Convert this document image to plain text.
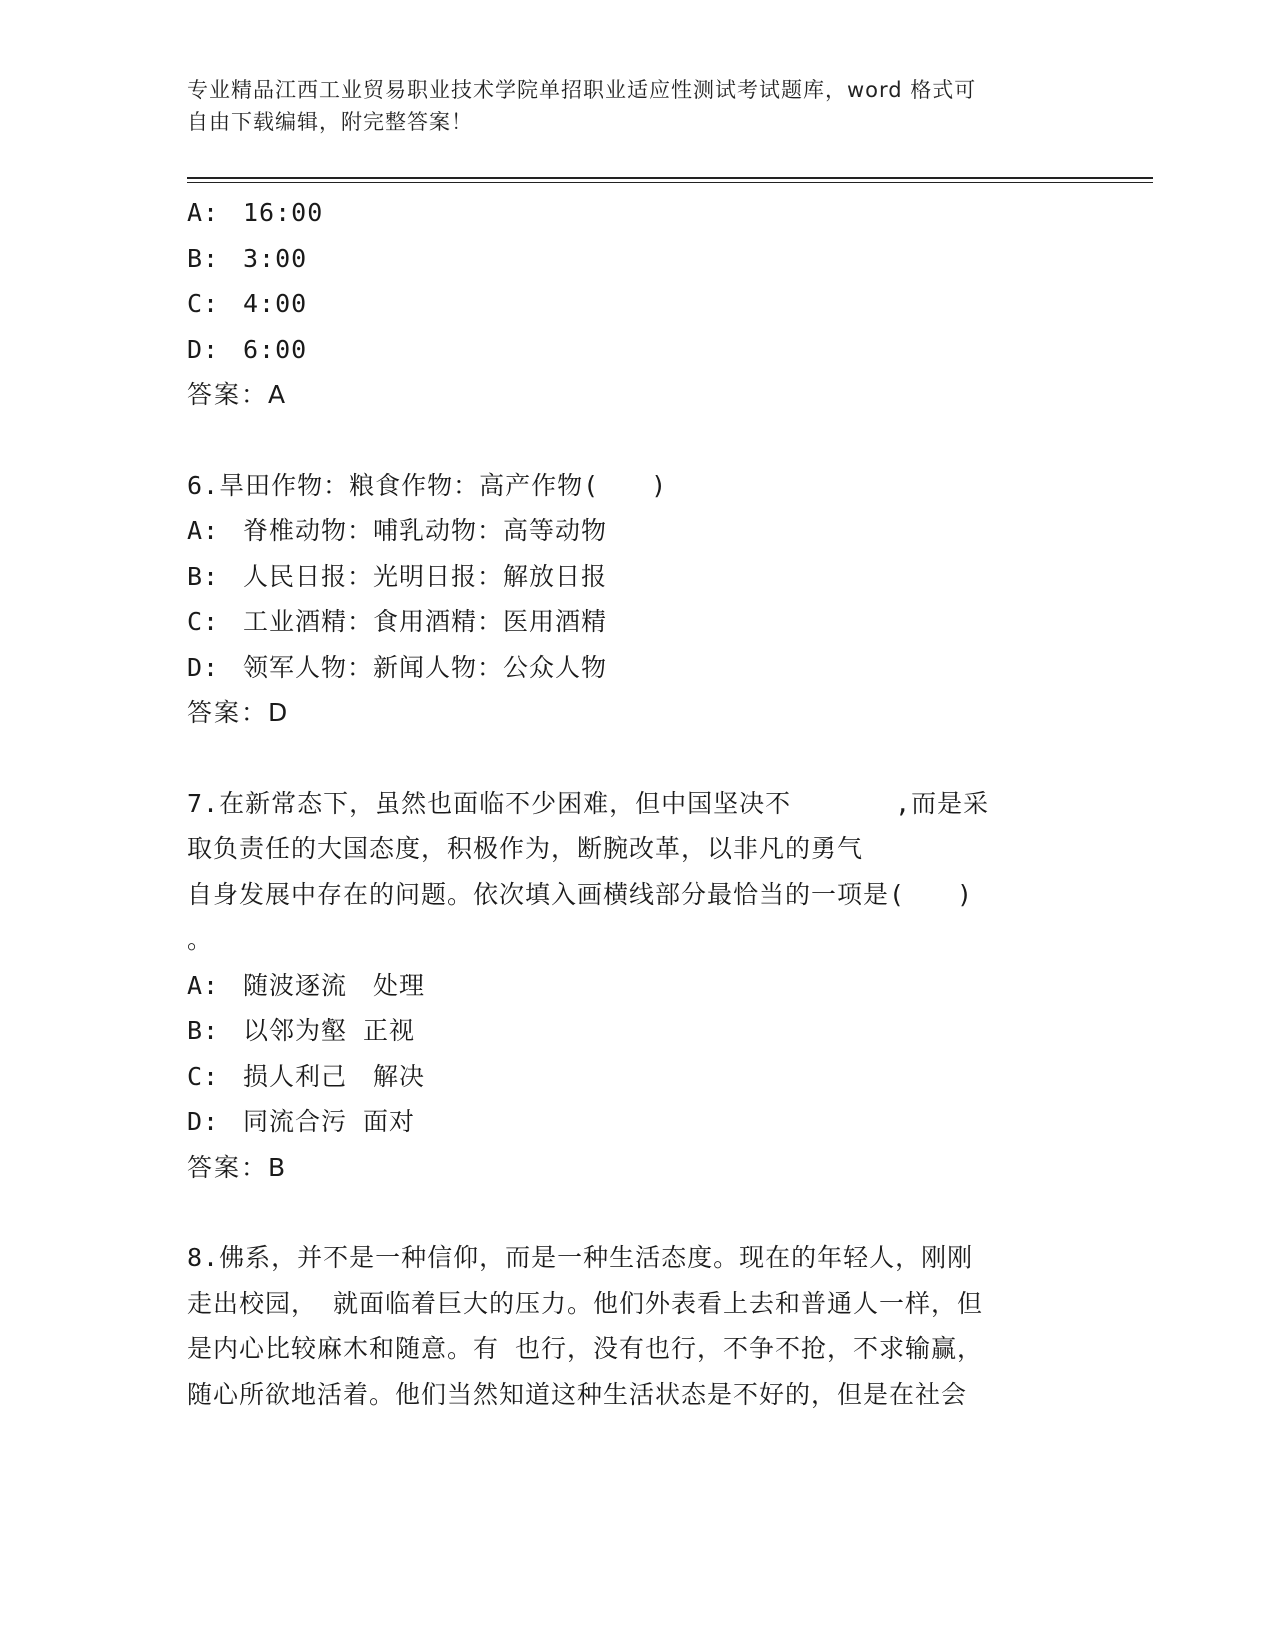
专业精品江西工业贸易职业技术学院单招职业适应性测试考试题库，word 格式可
自由下载编辑，附完整答案！
A: 16:00
B: 3:00
C: 4:00
D: 6:00
答案：A
6.旱田作物：粮食作物：高产作物(　　)
A: 脊椎动物：哺乳动物：高等动物
B: 人民日报：光明日报：解放日报
C: 工业酒精：食用酒精：医用酒精
D: 领军人物：新闻人物：公众人物
答案：D
7.在新常态下，虽然也面临不少困难，但中国坚决不　　　　,而是采
取负责任的大国态度，积极作为，断腕改革，以非凡的勇气
自身发展中存在的问题。依次填入画横线部分最恰当的一项是(　　)
。
A: 随波逐流　处理
B: 以邻为壑 正视
C: 损人利己　解决
D: 同流合污 面对
答案：B
8.佛系，并不是一种信仰，而是一种生活态度。现在的年轻人，刚刚
走出校园， 就面临着巨大的压力。他们外表看上去和普通人一样，但
是内心比较麻木和随意。有 也行，没有也行，不争不抢，不求输赢，
随心所欲地活着。他们当然知道这种生活状态是不好的，但是在社会
